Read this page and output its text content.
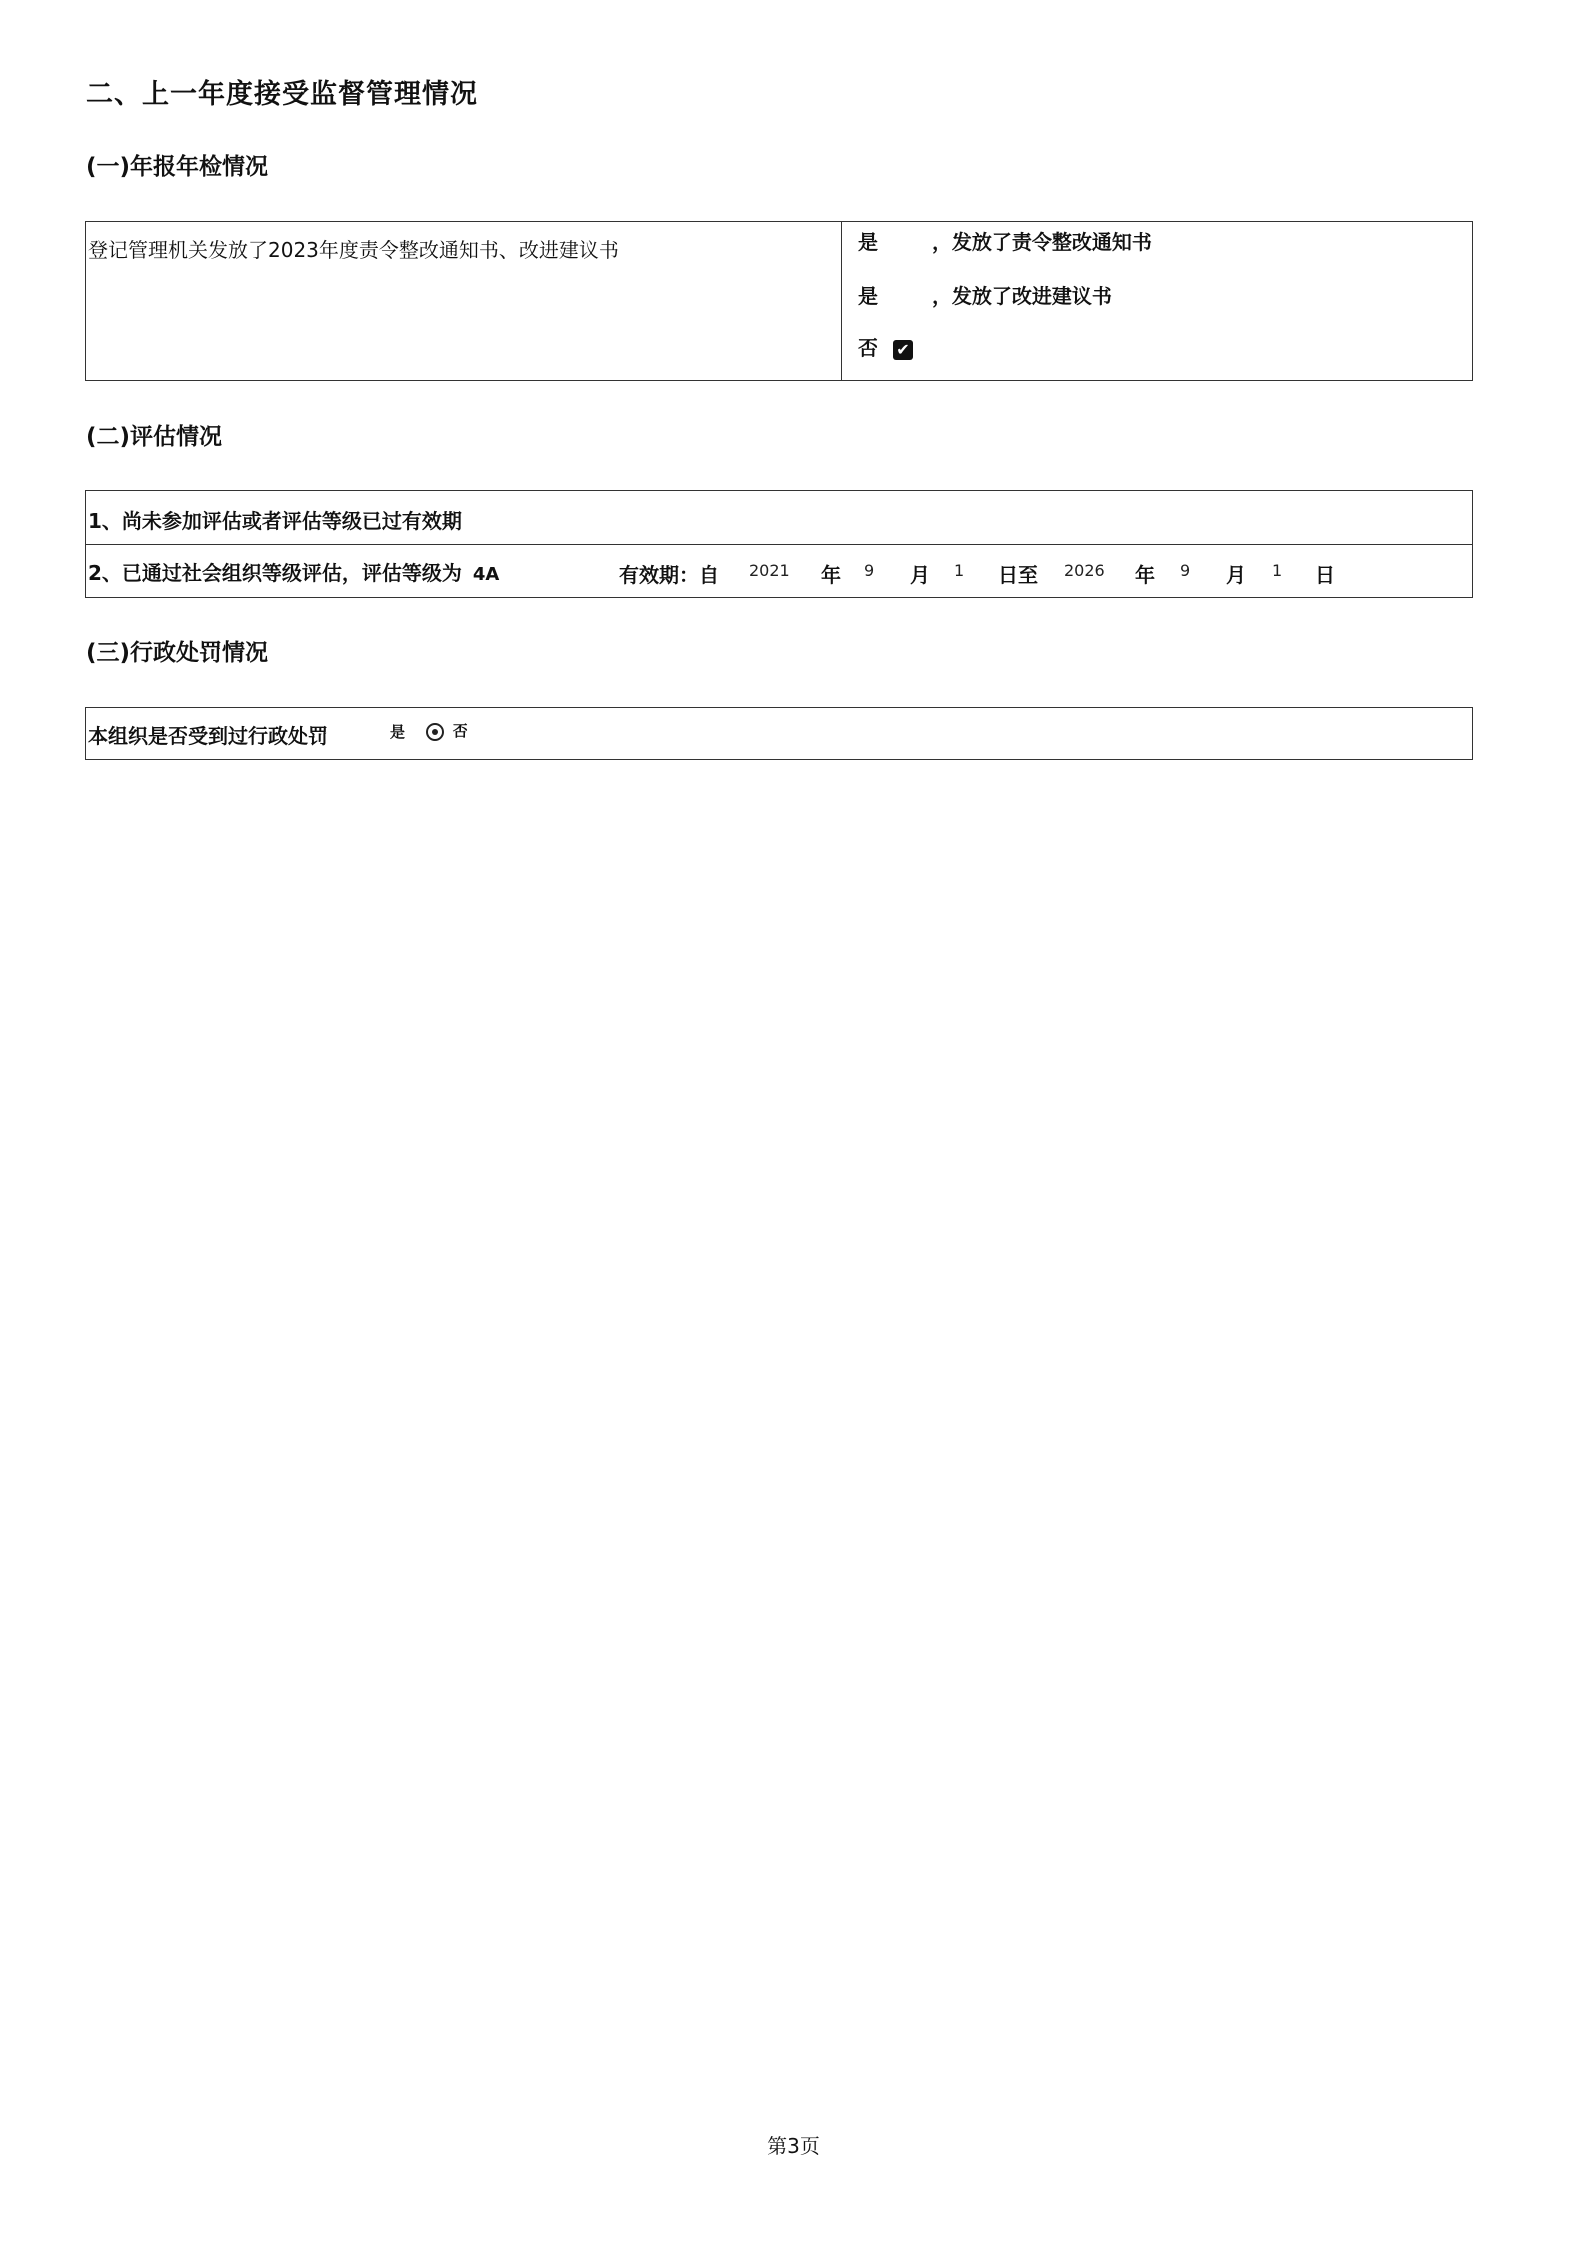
二、上一年度接受监督管理情况
(一)年报年检情况
登记管理机关发放了2023年度责令整改通知书、改进建议书	是	，发放了责令整改通知书
是	，发放了改进建议书
否 ✔
(二)评估情况
1、尚未参加评估或者评估等级已过有效期
2、已通过社会组织等级评估，评估等级为 4A	有效期：自 2021 年 9 月 1 日至 2026 年 9 月 1 日
(三)行政处罚情况
本组织是否受到过行政处罚	是	否
第3页
